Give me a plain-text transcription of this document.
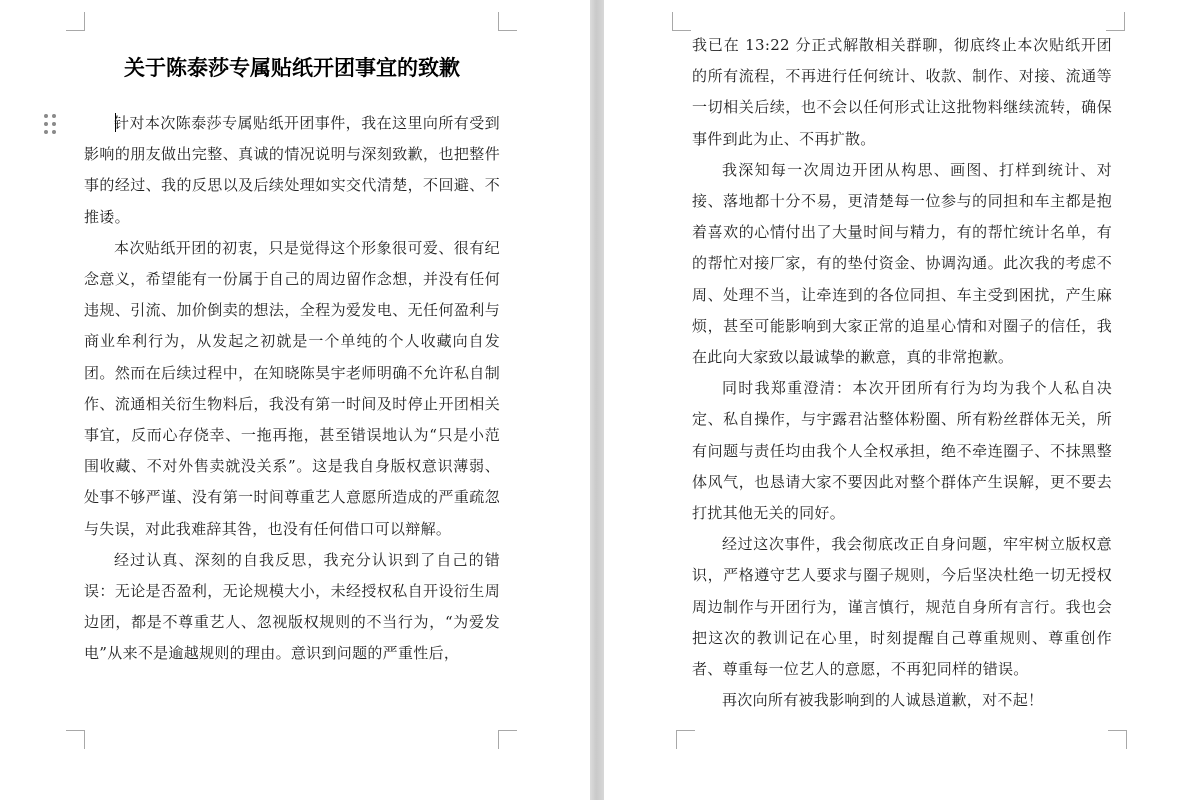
关于陈泰莎专属贴纸开团事宜的致歉

针对本次陈泰莎专属贴纸开团事件，我在这里向所有受到影响的朋友做出完整、真诚的情况说明与深刻致歉，也把整件事的经过、我的反思以及后续处理如实交代清楚，不回避、不推诿。

本次贴纸开团的初衷，只是觉得这个形象很可爱、很有纪念意义，希望能有一份属于自己的周边留作念想，并没有任何违规、引流、加价倒卖的想法，全程为爱发电、无任何盈利与商业牟利行为，从发起之初就是一个单纯的个人收藏向自发团。然而在后续过程中，在知晓陈昊宇老师明确不允许私自制作、流通相关衍生物料后，我没有第一时间及时停止开团相关事宜，反而心存侥幸、一拖再拖，甚至错误地认为“只是小范围收藏、不对外售卖就没关系”。这是我自身版权意识薄弱、处事不够严谨、没有第一时间尊重艺人意愿所造成的严重疏忽与失误，对此我难辞其咎，也没有任何借口可以辩解。

经过认真、深刻的自我反思，我充分认识到了自己的错误：无论是否盈利，无论规模大小，未经授权私自开设衍生周边团，都是不尊重艺人、忽视版权规则的不当行为，“为爱发电”从来不是逾越规则的理由。意识到问题的严重性后，

我已在 13:22 分正式解散相关群聊，彻底终止本次贴纸开团的所有流程，不再进行任何统计、收款、制作、对接、流通等一切相关后续，也不会以任何形式让这批物料继续流转，确保事件到此为止、不再扩散。

我深知每一次周边开团从构思、画图、打样到统计、对接、落地都十分不易，更清楚每一位参与的同担和车主都是抱着喜欢的心情付出了大量时间与精力，有的帮忙统计名单，有的帮忙对接厂家，有的垫付资金、协调沟通。此次我的考虑不周、处理不当，让牵连到的各位同担、车主受到困扰，产生麻烦，甚至可能影响到大家正常的追星心情和对圈子的信任，我在此向大家致以最诚挚的歉意，真的非常抱歉。

同时我郑重澄清：本次开团所有行为均为我个人私自决定、私自操作，与宇露君沾整体粉圈、所有粉丝群体无关，所有问题与责任均由我个人全权承担，绝不牵连圈子、不抹黑整体风气，也恳请大家不要因此对整个群体产生误解，更不要去打扰其他无关的同好。

经过这次事件，我会彻底改正自身问题，牢牢树立版权意识，严格遵守艺人要求与圈子规则，今后坚决杜绝一切无授权周边制作与开团行为，谨言慎行，规范自身所有言行。我也会把这次的教训记在心里，时刻提醒自己尊重规则、尊重创作者、尊重每一位艺人的意愿，不再犯同样的错误。

再次向所有被我影响到的人诚恳道歉，对不起！
